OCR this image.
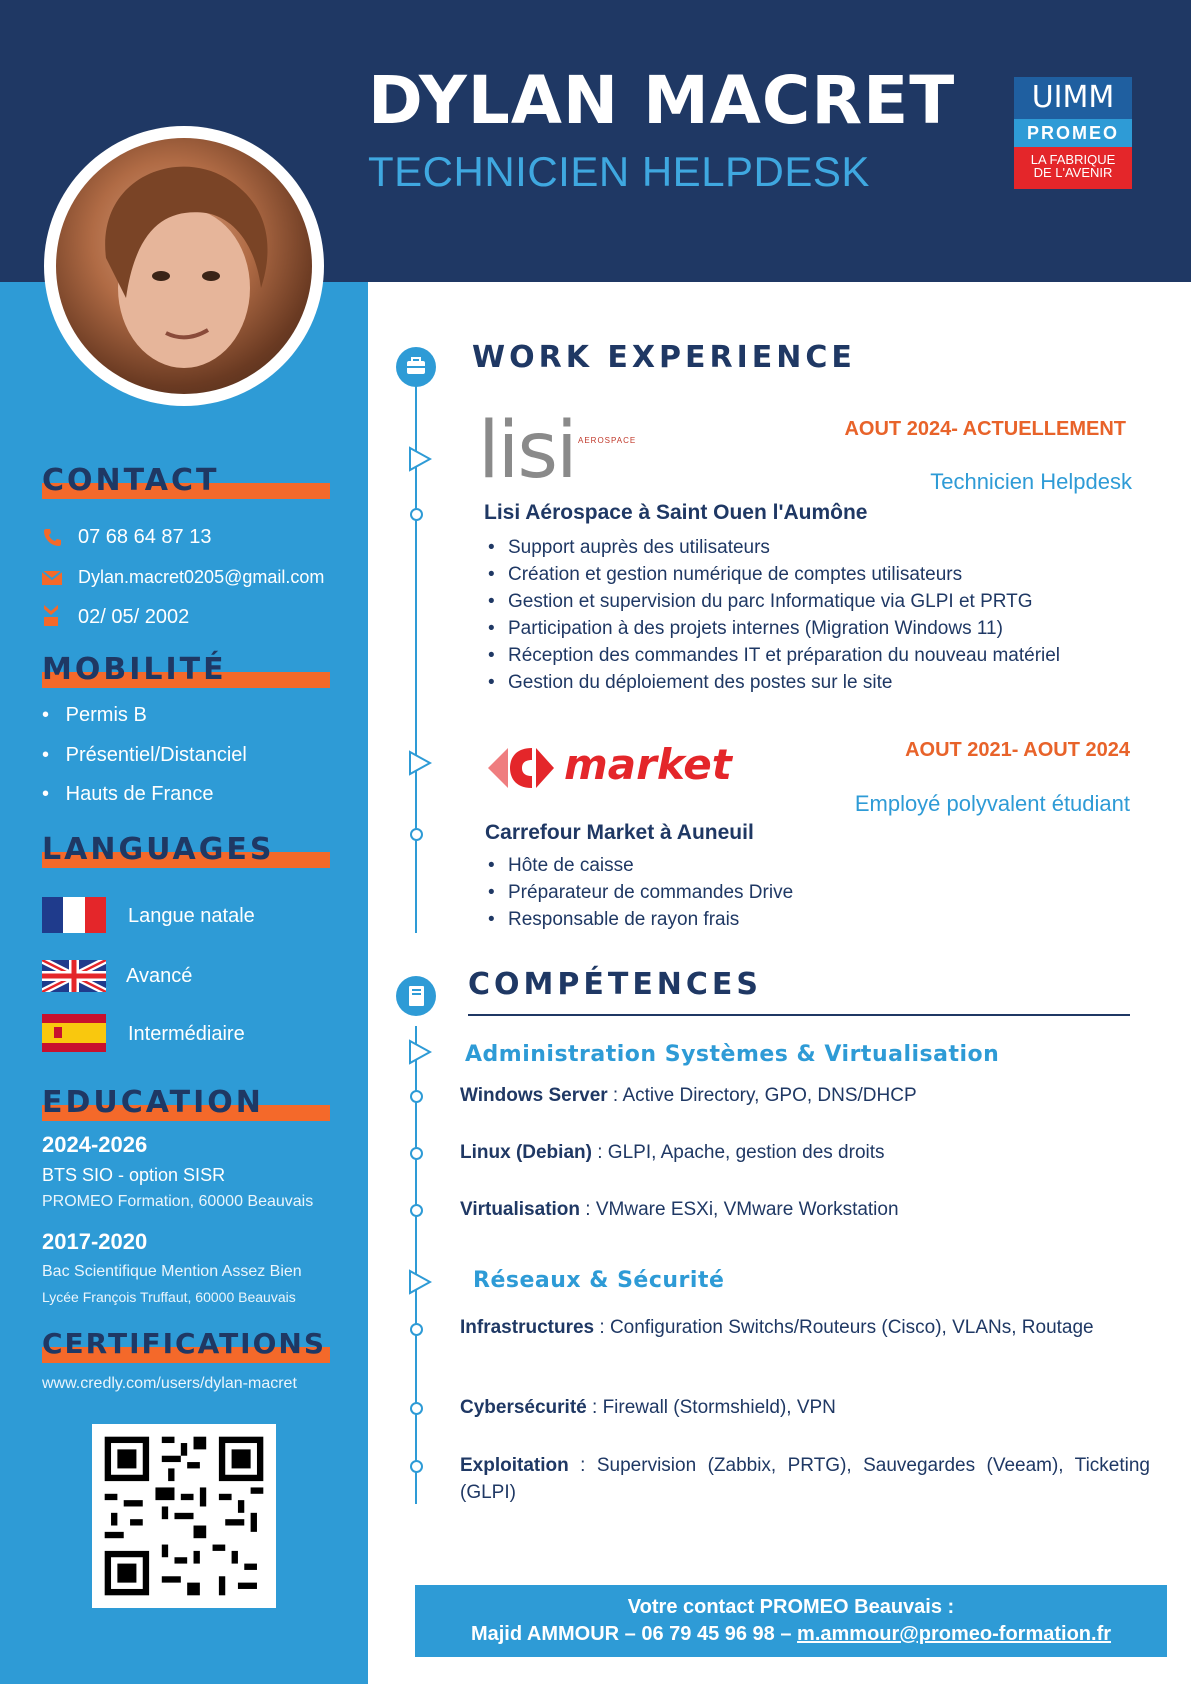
DYLAN MACRET
TECHNICIEN HELPDESK
UIMM
PROMEO
LA FABRIQUE
DE L'AVENIR
CONTACT
07 68 64 87 13
Dylan.macret0205@gmail.com
02/ 05/ 2002
MOBILITÉ
•   Permis B
•   Présentiel/Distanciel
•   Hauts de France
LANGUAGES
Langue natale
Avancé
Intermédiaire
EDUCATION
2024-2026
BTS SIO - option SISR
PROMEO Formation, 60000 Beauvais
2017-2020
Bac Scientifique Mention Assez Bien
Lycée François Truffaut, 60000 Beauvais
CERTIFICATIONS
www.credly.com/users/dylan-macret
WORK EXPERIENCE
lisi AEROSPACE
AOUT 2024- ACTUELLEMENT
Technicien Helpdesk
Lisi Aérospace à Saint Ouen l'Aumône
• Support auprès des utilisateurs
• Création et gestion numérique de comptes utilisateurs
• Gestion et supervision du parc Informatique via GLPI et PRTG
• Participation à des projets internes (Migration Windows 11)
• Réception des commandes IT et préparation du nouveau matériel
• Gestion du déploiement des postes sur le site
market	AOUT 2021- AOUT 2024
Employé polyvalent étudiant
Carrefour Market à Auneuil
• Hôte de caisse
• Préparateur de commandes Drive
• Responsable de rayon frais
COMPÉTENCES
Administration Systèmes & Virtualisation
Windows Server : Active Directory, GPO, DNS/DHCP
Linux (Debian) : GLPI, Apache, gestion des droits
Virtualisation : VMware ESXi, VMware Workstation
Réseaux & Sécurité
Infrastructures : Configuration Switchs/Routeurs (Cisco), VLANs, Routage
Cybersécurité : Firewall (Stormshield), VPN
Exploitation : Supervision (Zabbix, PRTG), Sauvegardes (Veeam), Ticketing (GLPI)
Votre contact PROMEO Beauvais :
Majid AMMOUR – 06 79 45 96 98 – m.ammour@promeo-formation.fr
